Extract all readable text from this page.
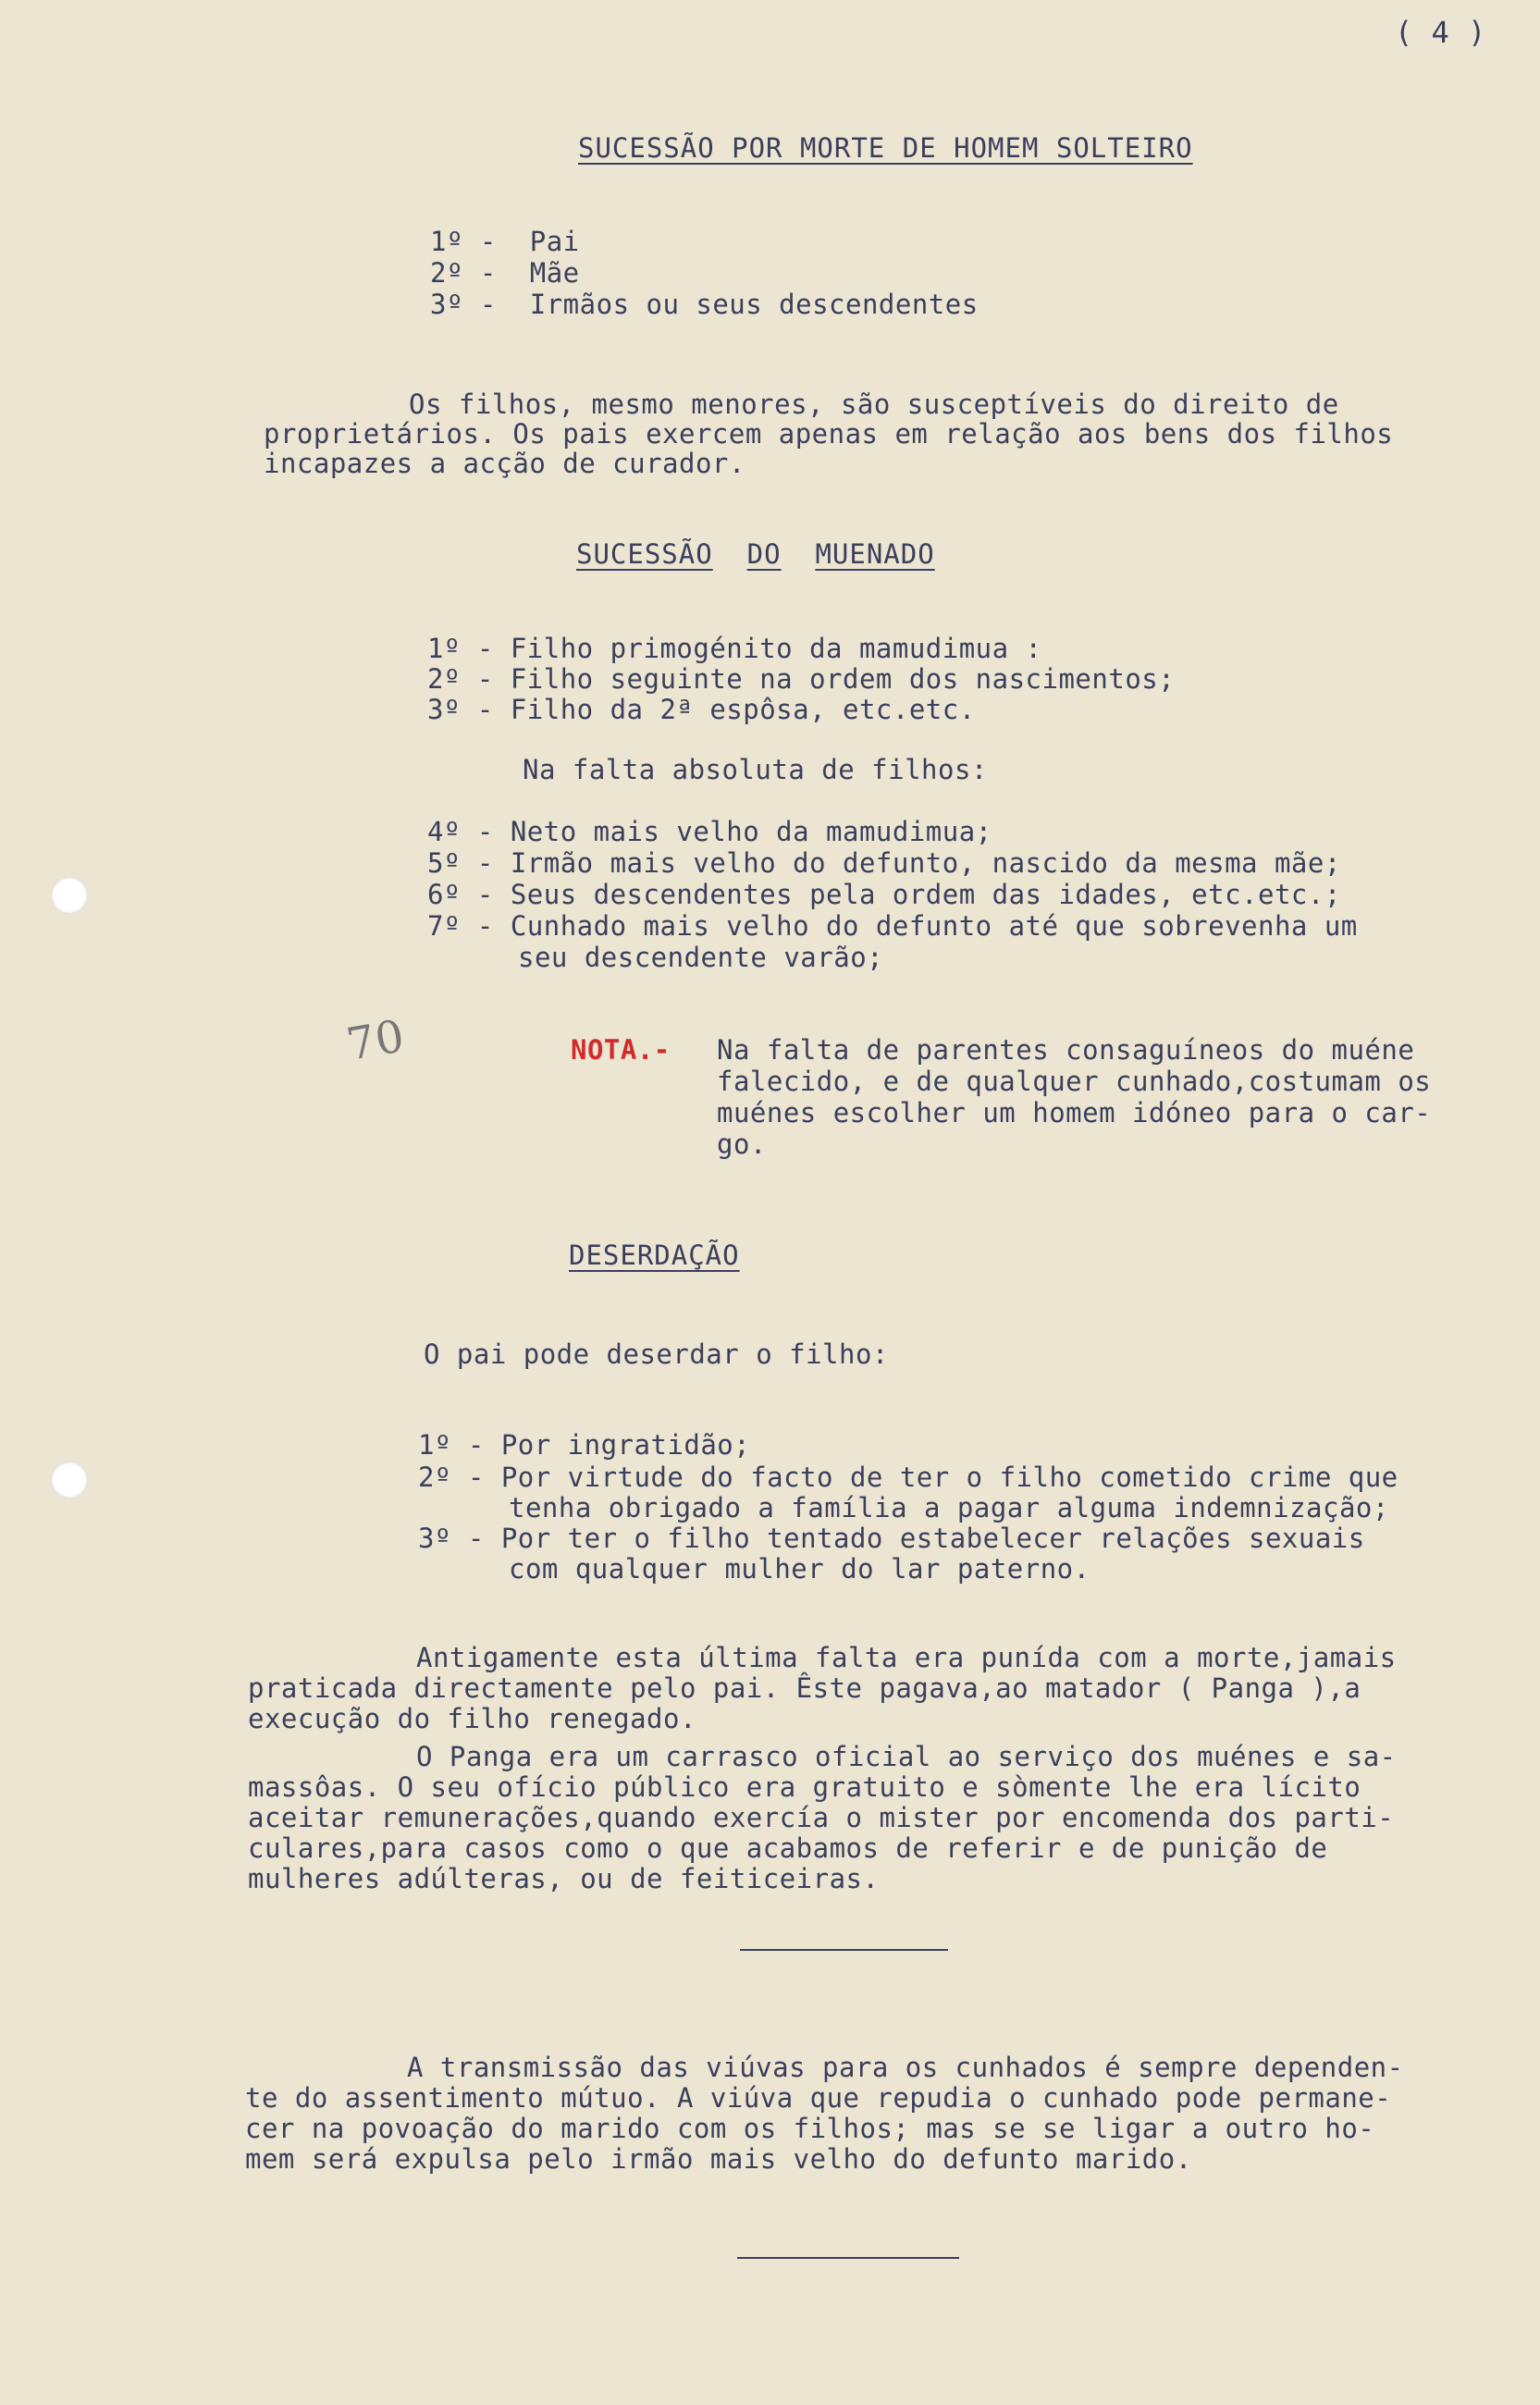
( 4 )
SUCESSÃO POR MORTE DE HOMEM SOLTEIRO
1º - Pai
2º - Mãe
3º - Irmãos ou seus descendentes
Os filhos, mesmo menores, são susceptíveis do direito de
proprietários. Os pais exercem apenas em relação aos bens dos filhos
incapazes a acção de curador.
SUCESSÃO DO MUENADO
1º - Filho primogénito da mamudimua :
2º - Filho seguinte na ordem dos nascimentos;
3º - Filho da 2ª espôsa, etc.etc.
Na falta absoluta de filhos:
4º - Neto mais velho da mamudimua;
5º - Irmão mais velho do defunto, nascido da mesma mãe;
6º - Seus descendentes pela ordem das idades, etc.etc.;
7º - Cunhado mais velho do defunto até que sobrevenha um
seu descendente varão;
70	NOTA.- Na falta de parentes consaguíneos do muéne
falecido, e de qualquer cunhado,costumam os
muénes escolher um homem idóneo para o car-
go.
DESERDAÇÃO
O pai pode deserdar o filho:
1º - Por ingratidão;
2º - Por virtude do facto de ter o filho cometido crime que
tenha obrigado a família a pagar alguma indemnização;
3º - Por ter o filho tentado estabelecer relações sexuais
com qualquer mulher do lar paterno.
Antigamente esta última falta era punída com a morte,jamais
praticada directamente pelo pai. Êste pagava,ao matador ( Panga ),a
execução do filho renegado.
O Panga era um carrasco oficial ao serviço dos muénes e sa-
massôas. O seu ofício público era gratuito e sòmente lhe era lícito
aceitar remunerações,quando exercía o mister por encomenda dos parti-
culares,para casos como o que acabamos de referir e de punição de
mulheres adúlteras, ou de feiticeiras.
A transmissão das viúvas para os cunhados é sempre dependen-
te do assentimento mútuo. A viúva que repudia o cunhado pode permane-
cer na povoação do marido com os filhos; mas se se ligar a outro ho-
mem será expulsa pelo irmão mais velho do defunto marido.
